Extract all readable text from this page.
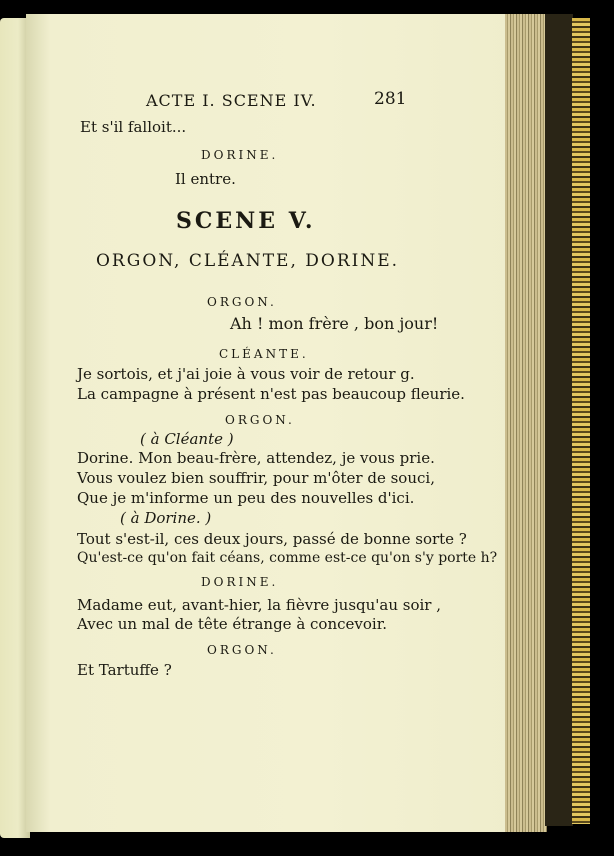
ACTE I. SCENE IV.	281

Et s'il falloit...

DORINE.

Il entre.

SCENE V.

ORGON, CLÉANTE, DORINE.

ORGON.

Ah ! mon frère , bon jour!

CLÉANTE.

Je sortois, et j'ai joie à vous voir de retour g.

La campagne à présent n'est pas beaucoup fleurie.

ORGON.

( à Cléante )

Dorine. Mon beau-frère, attendez, je vous prie.

Vous voulez bien souffrir, pour m'ôter de souci,

Que je m'informe un peu des nouvelles d'ici.

( à Dorine. )

Tout s'est-il, ces deux jours, passé de bonne sorte ?

Qu'est-ce qu'on fait céans, comme est-ce qu'on s'y porte h?

DORINE.

Madame eut, avant-hier, la fièvre jusqu'au soir ,

Avec un mal de tête étrange à concevoir.

ORGON.

Et Tartuffe ?
